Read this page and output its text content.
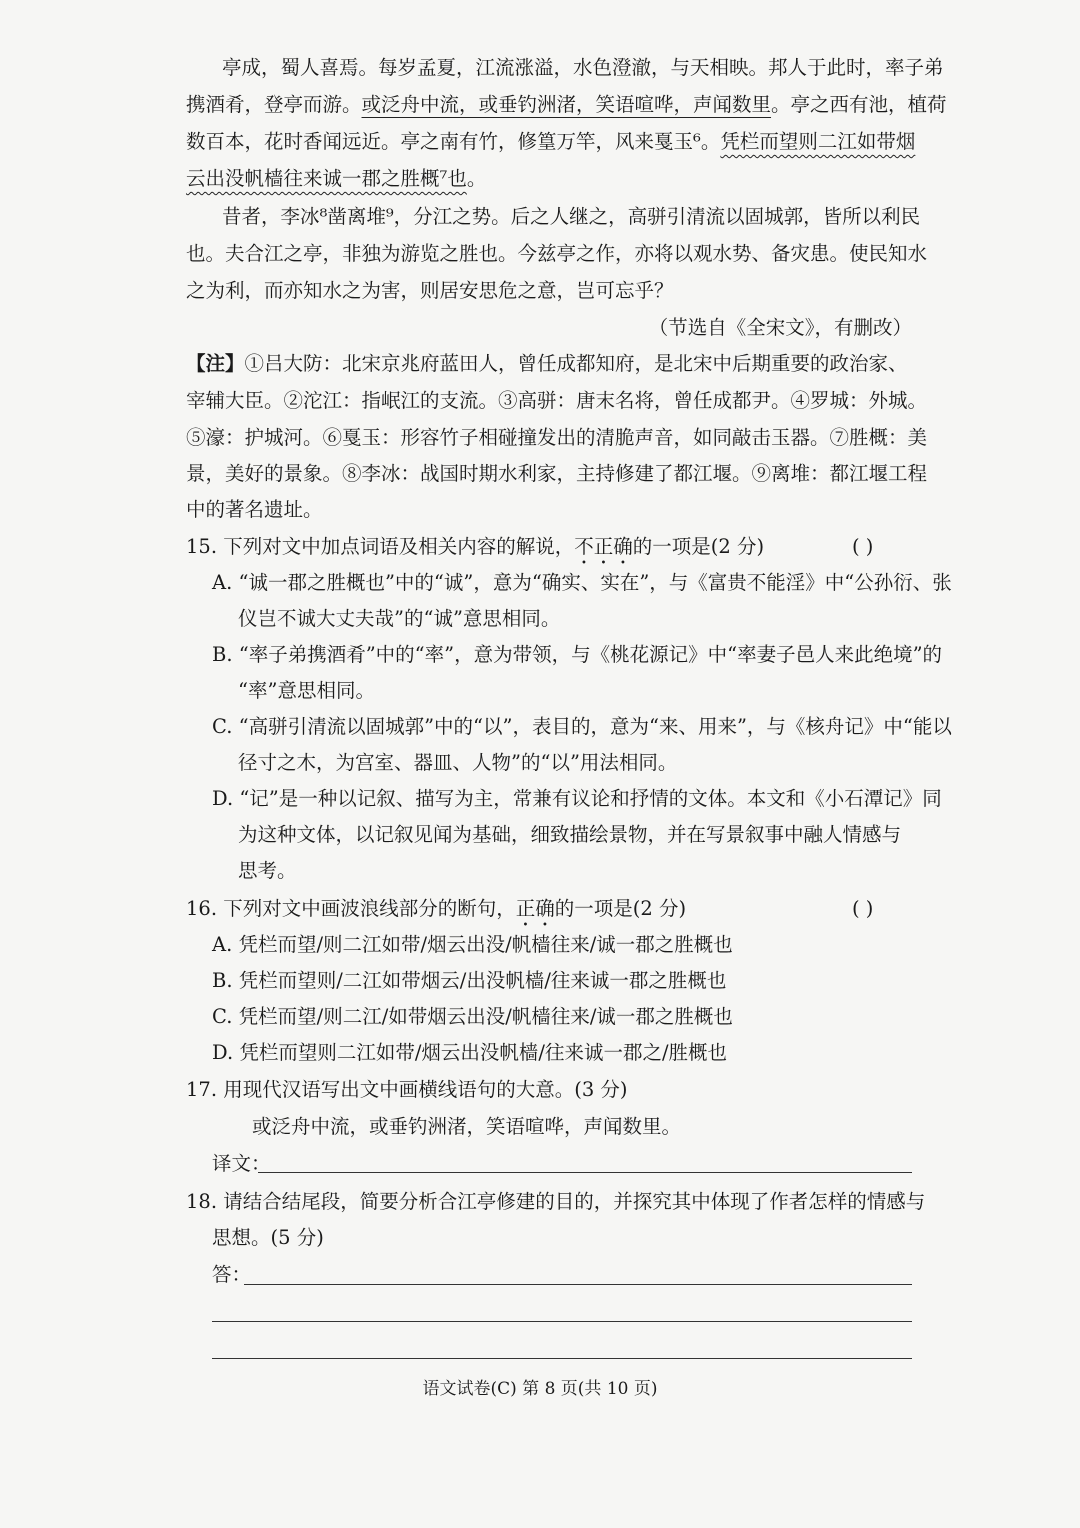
亭成，蜀人喜焉。每岁孟夏，江流涨溢，水色澄澈，与天相映。邦人于此时，率子弟
携酒肴，登亭而游。或泛舟中流，或垂钓洲渚，笑语喧哗，声闻数里。亭之西有池，植荷
数百本，花时香闻远近。亭之南有竹，修篁万竿，风来戛玉⁶。凭栏而望则二江如带烟
云出没帆樯往来诚一郡之胜概⁷也。
昔者，李冰⁸凿离堆⁹，分江之势。后之人继之，高骈引清流以固城郭，皆所以利民
也。夫合江之亭，非独为游览之胜也。今兹亭之作，亦将以观水势、备灾患。使民知水
之为利，而亦知水之为害，则居安思危之意，岂可忘乎？
（节选自《全宋文》，有删改）
【注】①吕大防：北宋京兆府蓝田人，曾任成都知府，是北宋中后期重要的政治家、
宰辅大臣。②沱江：指岷江的支流。③高骈：唐末名将，曾任成都尹。④罗城：外城。
⑤濠：护城河。⑥戛玉：形容竹子相碰撞发出的清脆声音，如同敲击玉器。⑦胜概：美
景，美好的景象。⑧李冰：战国时期水利家，主持修建了都江堰。⑨离堆：都江堰工程
中的著名遗址。
15. 下列对文中加点词语及相关内容的解说，不正确的一项是(2 分)	( )
A. “诚一郡之胜概也”中的“诚”，意为“确实、实在”，与《富贵不能淫》中“公孙衍、张
仪岂不诚大丈夫哉”的“诚”意思相同。
B. “率子弟携酒肴”中的“率”，意为带领，与《桃花源记》中“率妻子邑人来此绝境”的
“率”意思相同。
C. “高骈引清流以固城郭”中的“以”，表目的，意为“来、用来”，与《核舟记》中“能以
径寸之木，为宫室、器皿、人物”的“以”用法相同。
D. “记”是一种以记叙、描写为主，常兼有议论和抒情的文体。本文和《小石潭记》同
为这种文体，以记叙见闻为基础，细致描绘景物，并在写景叙事中融人情感与
思考。
16. 下列对文中画波浪线部分的断句，正确的一项是(2 分)	( )
A. 凭栏而望/则二江如带/烟云出没/帆樯往来/诚一郡之胜概也
B. 凭栏而望则/二江如带烟云/出没帆樯/往来诚一郡之胜概也
C. 凭栏而望/则二江/如带烟云出没/帆樯往来/诚一郡之胜概也
D. 凭栏而望则二江如带/烟云出没帆樯/往来诚一郡之/胜概也
17. 用现代汉语写出文中画横线语句的大意。(3 分)
或泛舟中流，或垂钓洲渚，笑语喧哗，声闻数里。
译文：
18. 请结合结尾段，简要分析合江亭修建的目的，并探究其中体现了作者怎样的情感与
思想。(5 分)
答：
语文试卷(C) 第 8 页(共 10 页)
